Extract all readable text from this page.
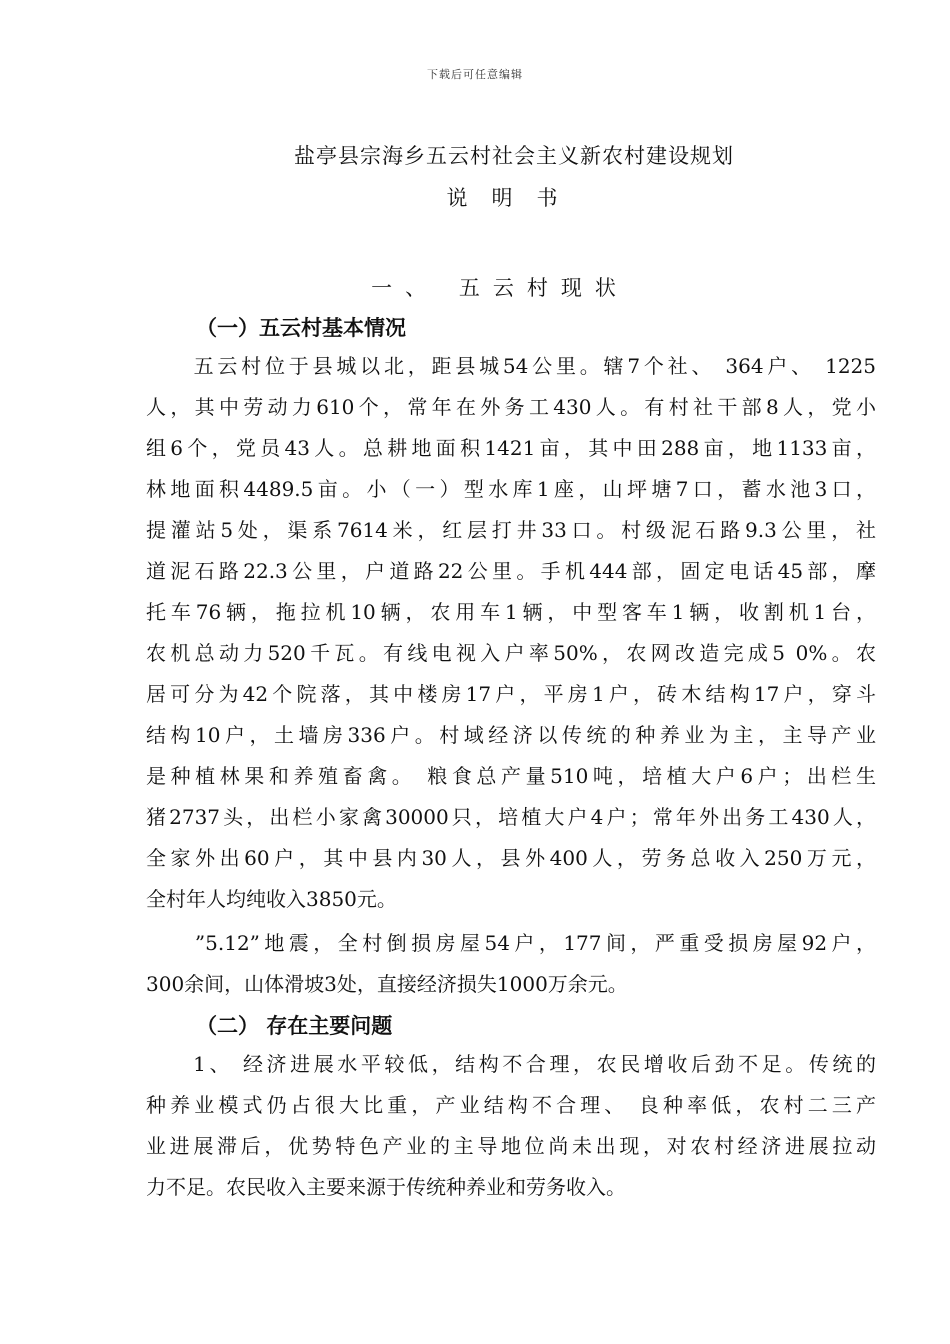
下载后可任意编辑
盐亭县宗海乡五云村社会主义新农村建设规划
说明书
一、 五云村现状
（一）五云村基本情况
　　五云村位于县城以北，距县城54公里。辖7个社、 364户、 1225
人，其中劳动力610个，常年在外务工430人。有村社干部8人，党小
组6个，党员43人。总耕地面积1421亩，其中田288亩，地1133亩，
林地面积4489.5亩。小（一）型水库1座，山坪塘7口，蓄水池3口，
提灌站5处，渠系7614米，红层打井33口。村级泥石路9.3公里，社
道泥石路22.3公里，户道路22公里。手机444部，固定电话45部，摩
托车76辆，拖拉机10辆，农用车1辆，中型客车1辆，收割机1台，
农机总动力520千瓦。有线电视入户率50%，农网改造完成5 0%。农
居可分为42个院落，其中楼房17户，平房1户，砖木结构17户，穿斗
结构10户，土墙房336户。村域经济以传统的种养业为主，主导产业
是种植林果和养殖畜禽。 粮食总产量510吨，培植大户6户；出栏生
猪2737头，出栏小家禽30000只，培植大户4户；常年外出务工430人，
全家外出60户，其中县内30人，县外400人，劳务总收入250万元，
全村年人均纯收入3850元。
　　”5.12”地震，全村倒损房屋54户，177间，严重受损房屋92户，
300余间，山体滑坡3处，直接经济损失1000万余元。
（二） 存在主要问题
　　1、 经济进展水平较低，结构不合理，农民增收后劲不足。传统的
种养业模式仍占很大比重，产业结构不合理、 良种率低，农村二三产
业进展滞后，优势特色产业的主导地位尚未出现，对农村经济进展拉动
力不足。农民收入主要来源于传统种养业和劳务收入。
